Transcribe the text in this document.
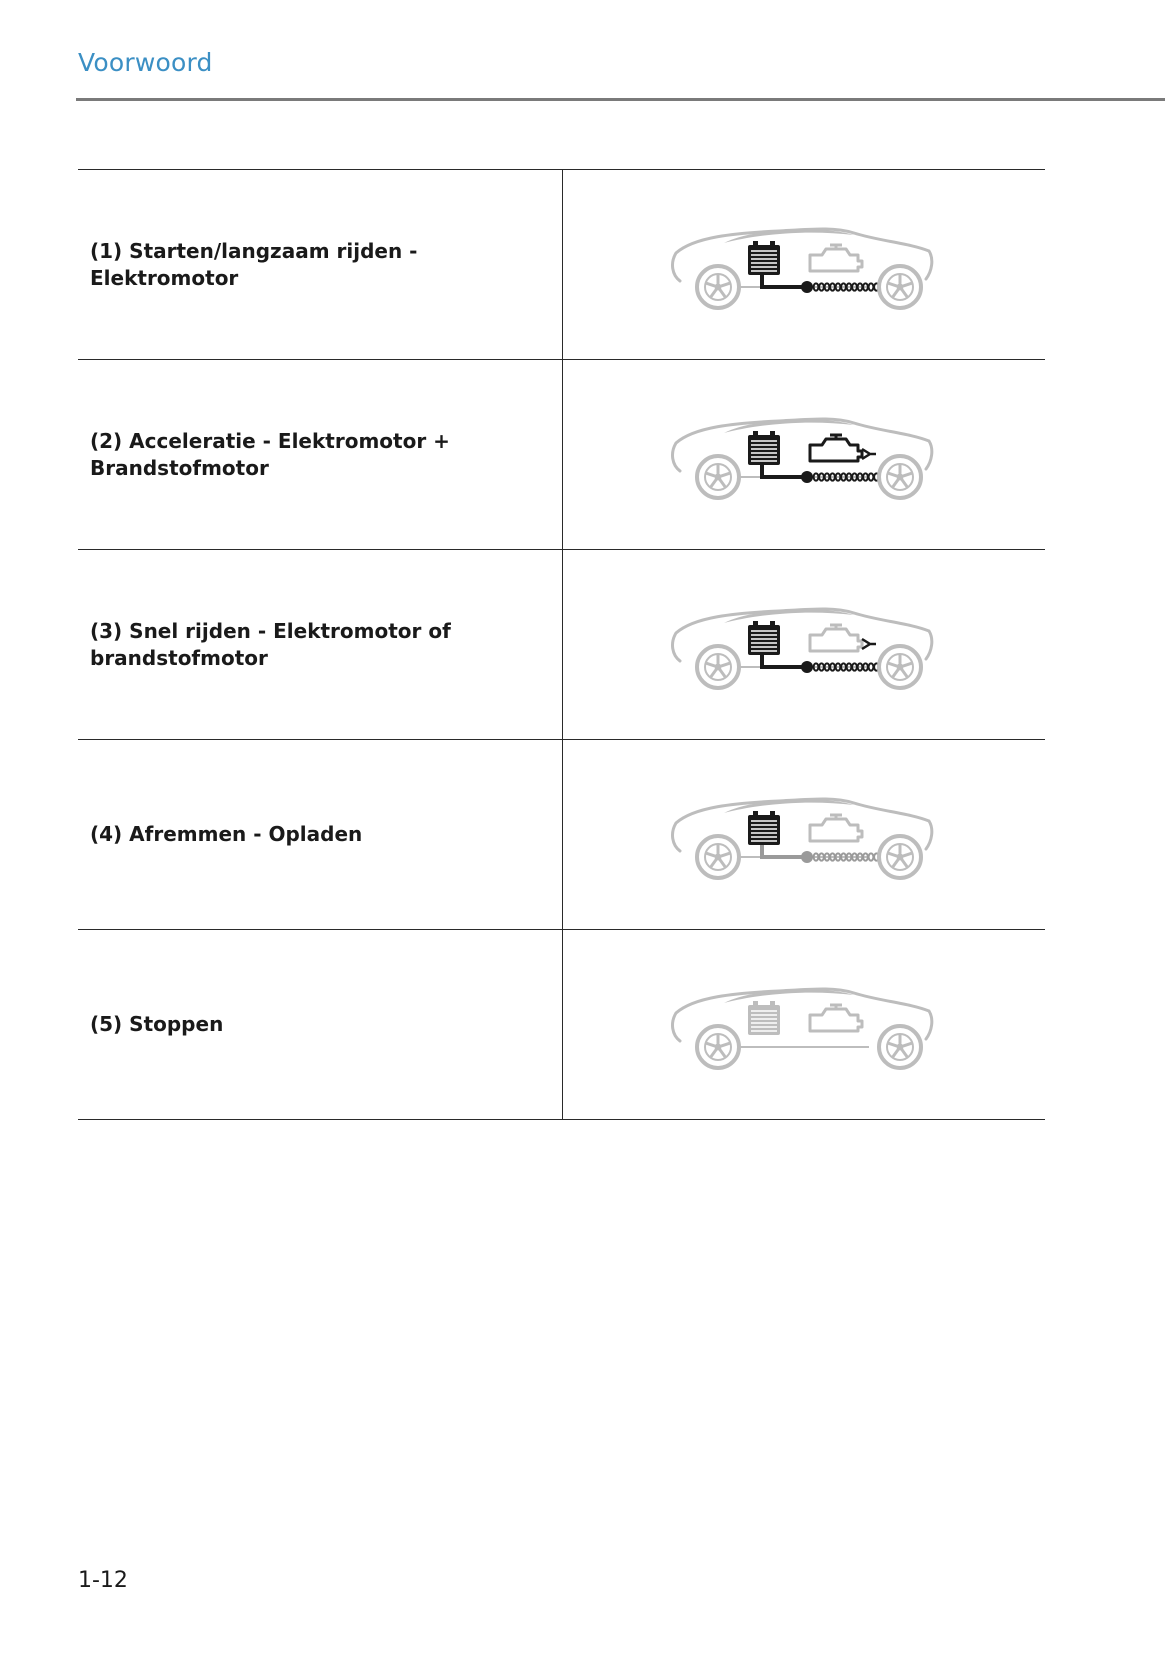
Voorwoord
(1) Starten/langzaam rijden - Elektromotor

(2) Acceleratie - Elektromotor + Brandstofmotor

(3) Snel rijden - Elektromotor of brandstofmotor

(4) Afremmen - Opladen

(5) Stoppen

1-12
